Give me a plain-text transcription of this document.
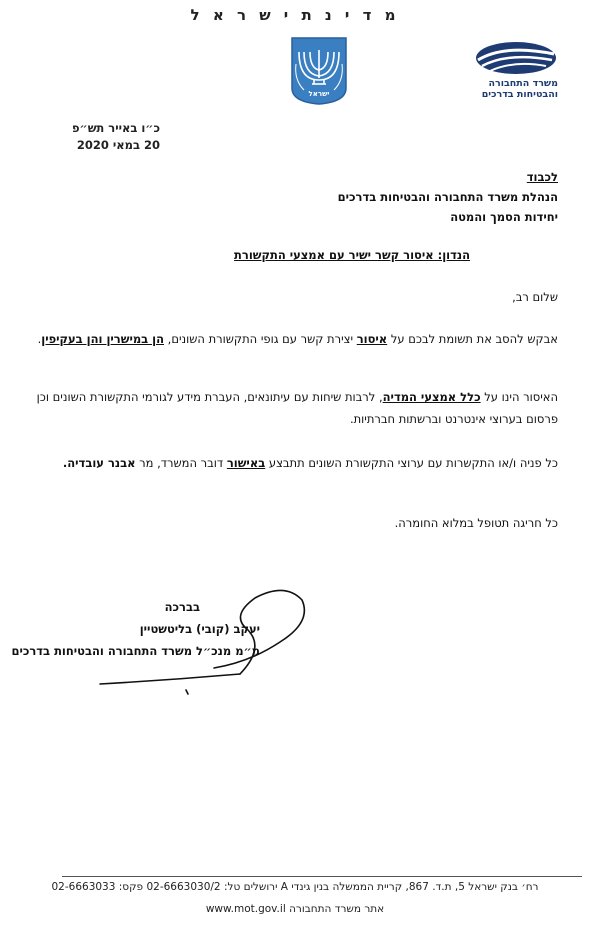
מ ד י נ ת י ש ר א ל
ישראל
משרד התחבורה
והבטיחות בדרכים
כ״ו באייר תש״פ
20 במאי 2020
לכבוד
הנהלת משרד התחבורה והבטיחות בדרכים
יחידות הסמך והמטה
הנדון: איסור קשר ישיר עם אמצעי התקשורת
שלום רב,
אבקש להסב את תשומת לבכם על איסור יצירת קשר עם גופי התקשורת השונים, הן במישרין והן בעקיפין.
האיסור הינו על כלל אמצעי המדיה, לרבות שיחות עם עיתונאים, העברת מידע לגורמי התקשורת השונים וכן פרסום בערוצי אינטרנט וברשתות חברתיות.
כל פניה ו/או התקשרות עם ערוצי התקשורת השונים תתבצע באישור דובר המשרד, מר אבנר עובדיה.
כל חריגה תטופל במלוא החומרה.
בברכה
יעקב (קובי) בליטשטיין
מ״מ מנכ״ל משרד התחבורה והבטיחות בדרכים
רח׳ בנק ישראל 5, ת.ד. 867, קריית הממשלה בנין גינדי A ירושלים טל: 02-6663030/2 פקס: 02-6663033
אתר משרד התחבורה www.mot.gov.il
